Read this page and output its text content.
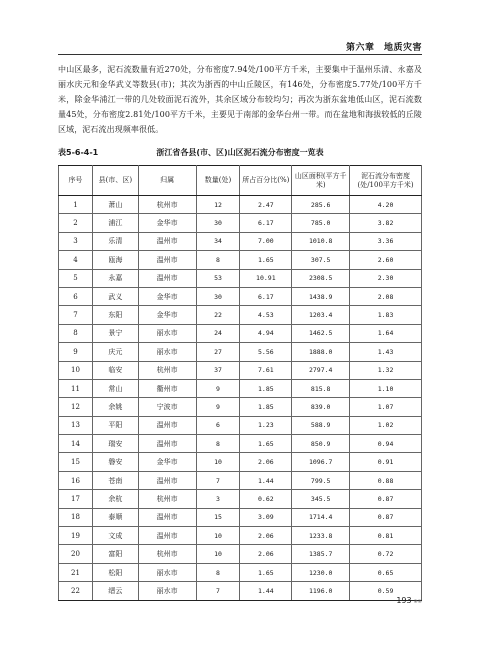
第六章　地质灾害

中山区最多，泥石流数量有近270处，分布密度7.94处/100平方千米，主要集中于温州乐清、永嘉及丽水庆元和金华武义等数县(市)；其次为浙西的中山丘陵区，有146处，分布密度5.77处/100平方千米，除金华浦江一带的几处较面泥石流外，其余区域分布较均匀；再次为浙东盆地低山区，泥石流数量45处，分布密度2.81处/100平方千米，主要见于南部的金华台州一带。而在盆地和海拔较低的丘陵区域，泥石流出现频率很低。

表5-6-4-1	浙江省各县(市、区)山区泥石流分布密度一览表
序号	县(市、区)	归属	数量(处)	所占百分比(%)	山区面积(平方千米)	泥石流分布密度(处/100平方千米)
1	萧山	杭州市	12	2.47	285.6	4.20
2	浦江	金华市	30	6.17	785.0	3.82
3	乐清	温州市	34	7.00	1010.8	3.36
4	瓯海	温州市	8	1.65	307.5	2.60
5	永嘉	温州市	53	10.91	2308.5	2.30
6	武义	金华市	30	6.17	1438.9	2.08
7	东阳	金华市	22	4.53	1203.4	1.83
8	景宁	丽水市	24	4.94	1462.5	1.64
9	庆元	丽水市	27	5.56	1888.0	1.43
10	临安	杭州市	37	7.61	2797.4	1.32
11	常山	衢州市	9	1.85	815.8	1.10
12	余姚	宁波市	9	1.85	839.0	1.07
13	平阳	温州市	6	1.23	588.9	1.02
14	瑞安	温州市	8	1.65	850.9	0.94
15	磐安	金华市	10	2.06	1096.7	0.91
16	苍南	温州市	7	1.44	799.5	0.88
17	余杭	杭州市	3	0.62	345.5	0.87
18	泰顺	温州市	15	3.09	1714.4	0.87
19	文成	温州市	10	2.06	1233.8	0.81
20	富阳	杭州市	10	2.06	1385.7	0.72
21	松阳	丽水市	8	1.65	1230.0	0.65
22	缙云	丽水市	7	1.44	1196.0	0.59
193 ※※
